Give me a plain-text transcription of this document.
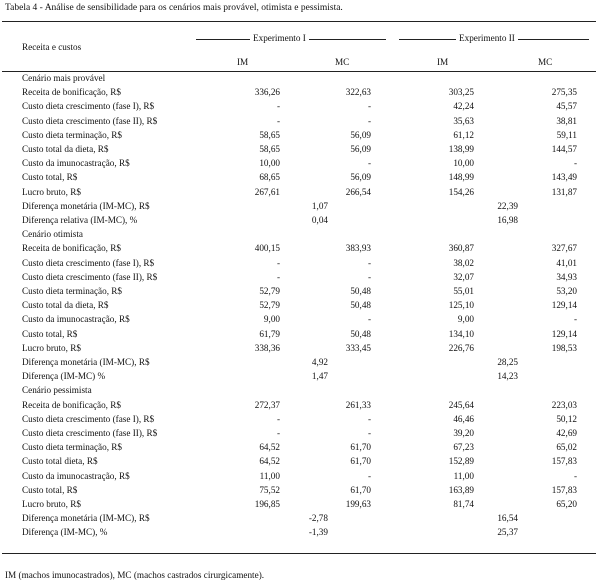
Tabela 4 - Análise de sensibilidade para os cenários mais provável, otimista e pessimista.
Receita e custos
Experimento I	Experimento II
IM	MC	IM	MC
Cenário mais provável
Receita de bonificação, R$	336,26	322,63	303,25	275,35
Custo dieta crescimento (fase I), R$	-	-	42,24	45,57
Custo dieta crescimento (fase II), R$	-	-	35,63	38,81
Custo dieta terminação, R$	58,65	56,09	61,12	59,11
Custo total da dieta, R$	58,65	56,09	138,99	144,57
Custo da imunocastração, R$	10,00	-	10,00	-
Custo total, R$	68,65	56,09	148,99	143,49
Lucro bruto, R$	267,61	266,54	154,26	131,87
Diferença monetária (IM-MC), R$	1,07	22,39
Diferença relativa (IM-MC), %	0,04	16,98
Cenário otimista
Receita de bonificação, R$	400,15	383,93	360,87	327,67
Custo dieta crescimento (fase I), R$	-	-	38,02	41,01
Custo dieta crescimento (fase II), R$	-	-	32,07	34,93
Custo dieta terminação, R$	52,79	50,48	55,01	53,20
Custo total da dieta, R$	52,79	50,48	125,10	129,14
Custo da imunocastração, R$	9,00	-	9,00	-
Custo total, R$	61,79	50,48	134,10	129,14
Lucro bruto, R$	338,36	333,45	226,76	198,53
Diferença monetária (IM-MC), R$	4,92	28,25
Diferença (IM-MC) %	1,47	14,23
Cenário pessimista
Receita de bonificação, R$	272,37	261,33	245,64	223,03
Custo dieta crescimento (fase I), R$	-	-	46,46	50,12
Custo dieta crescimento (fase II), R$	-	-	39,20	42,69
Custo dieta terminação, R$	64,52	61,70	67,23	65,02
Custo total dieta, R$	64,52	61,70	152,89	157,83
Custo da imunocastração, R$	11,00	-	11,00	-
Custo total, R$	75,52	61,70	163,89	157,83
Lucro bruto, R$	196,85	199,63	81,74	65,20
Diferença monetária (IM-MC), R$	-2,78	16,54
Diferença (IM-MC), %	-1,39	25,37
IM (machos imunocastrados), MC (machos castrados cirurgicamente).
